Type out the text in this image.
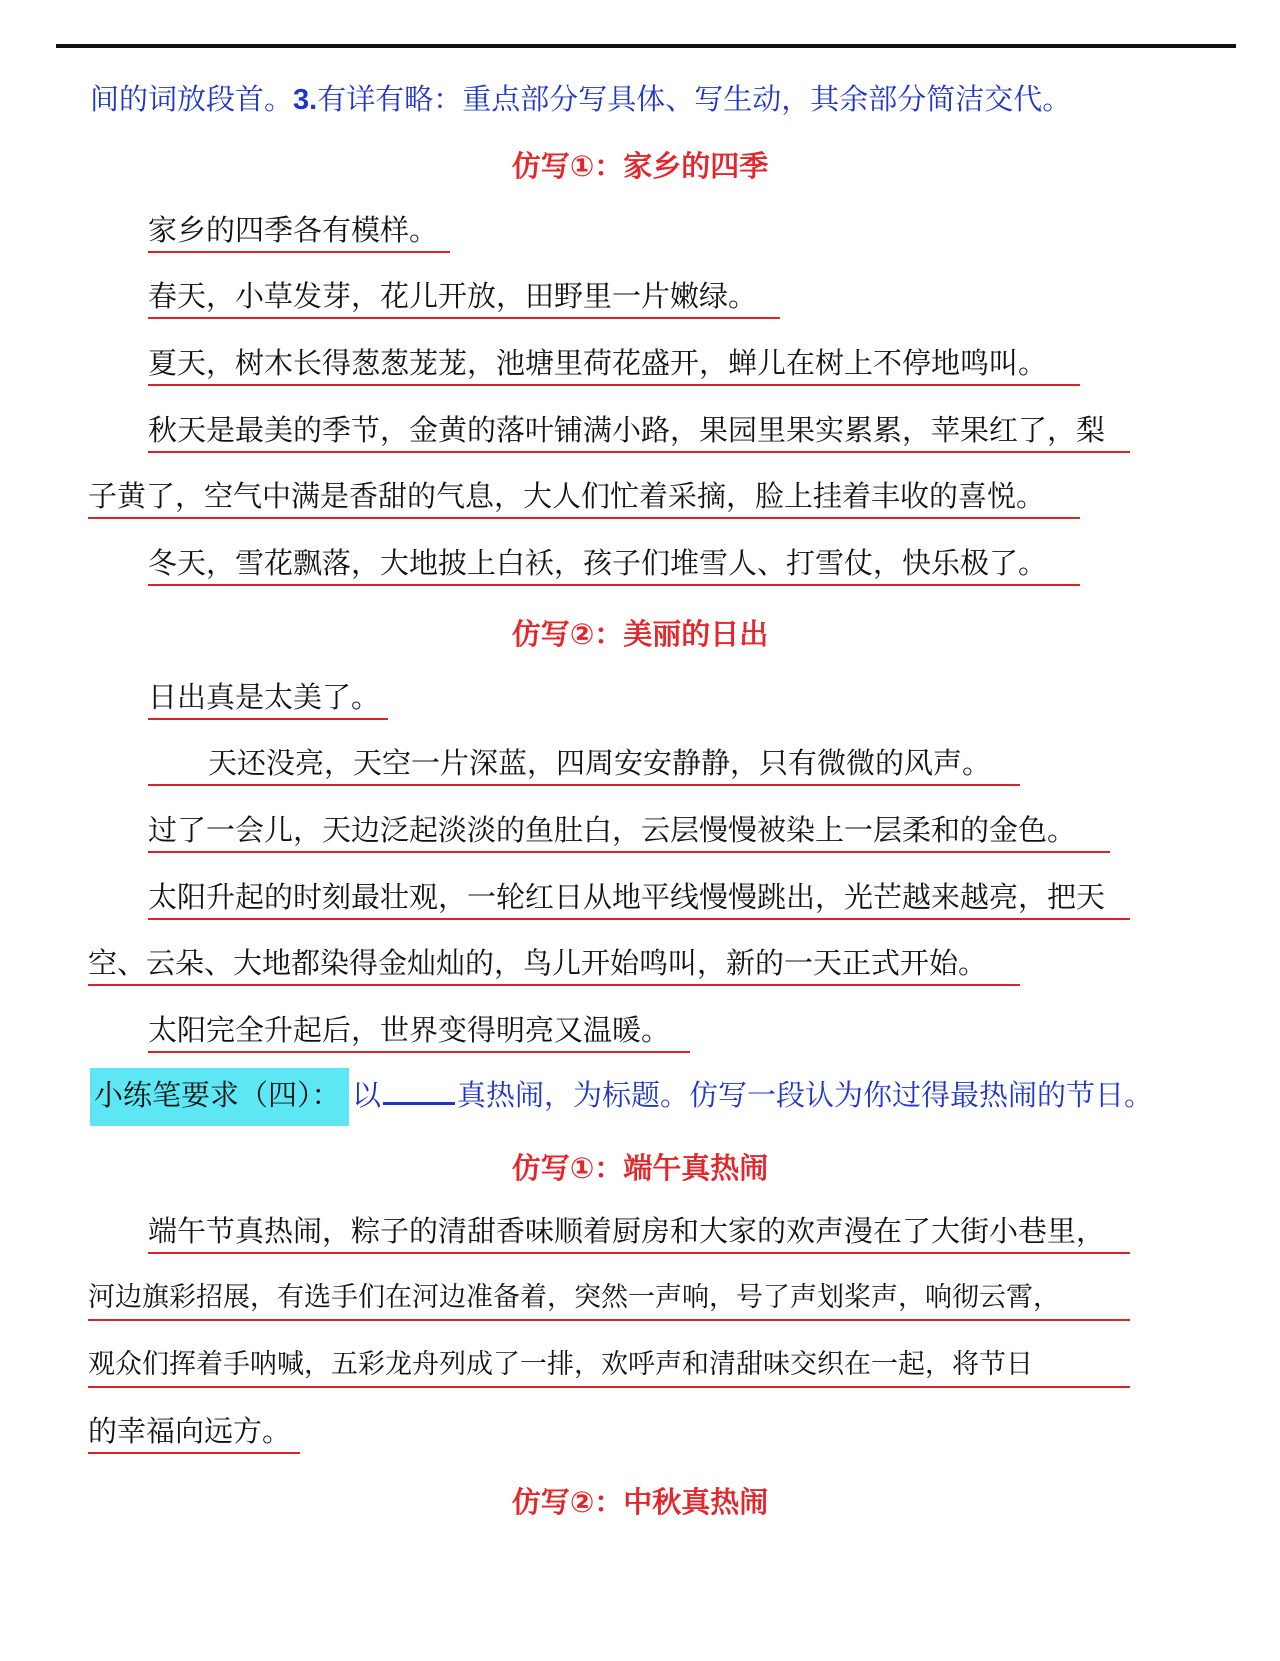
间的词放段首。3.有详有略：重点部分写具体、写生动，其余部分简洁交代。
仿写①：家乡的四季
家乡的四季各有模样。
春天，小草发芽，花儿开放，田野里一片嫩绿。
夏天，树木长得葱葱茏茏，池塘里荷花盛开，蝉儿在树上不停地鸣叫。
秋天是最美的季节，金黄的落叶铺满小路，果园里果实累累，苹果红了，梨
子黄了，空气中满是香甜的气息，大人们忙着采摘，脸上挂着丰收的喜悦。
冬天，雪花飘落，大地披上白袄，孩子们堆雪人、打雪仗，快乐极了。
仿写②：美丽的日出
日出真是太美了。
天还没亮，天空一片深蓝，四周安安静静，只有微微的风声。
过了一会儿，天边泛起淡淡的鱼肚白，云层慢慢被染上一层柔和的金色。
太阳升起的时刻最壮观，一轮红日从地平线慢慢跳出，光芒越来越亮，把天
空、云朵、大地都染得金灿灿的，鸟儿开始鸣叫，新的一天正式开始。
太阳完全升起后，世界变得明亮又温暖。
小练笔要求（四）： 以	真热闹，为标题。仿写一段认为你过得最热闹的节日。
仿写①：端午真热闹
端午节真热闹，粽子的清甜香味顺着厨房和大家的欢声漫在了大街小巷里，
河边旗彩招展，有选手们在河边准备着，突然一声响，号了声划桨声，响彻云霄，
观众们挥着手呐喊，五彩龙舟列成了一排，欢呼声和清甜味交织在一起，将节日
的幸福向远方。
仿写②：中秋真热闹
